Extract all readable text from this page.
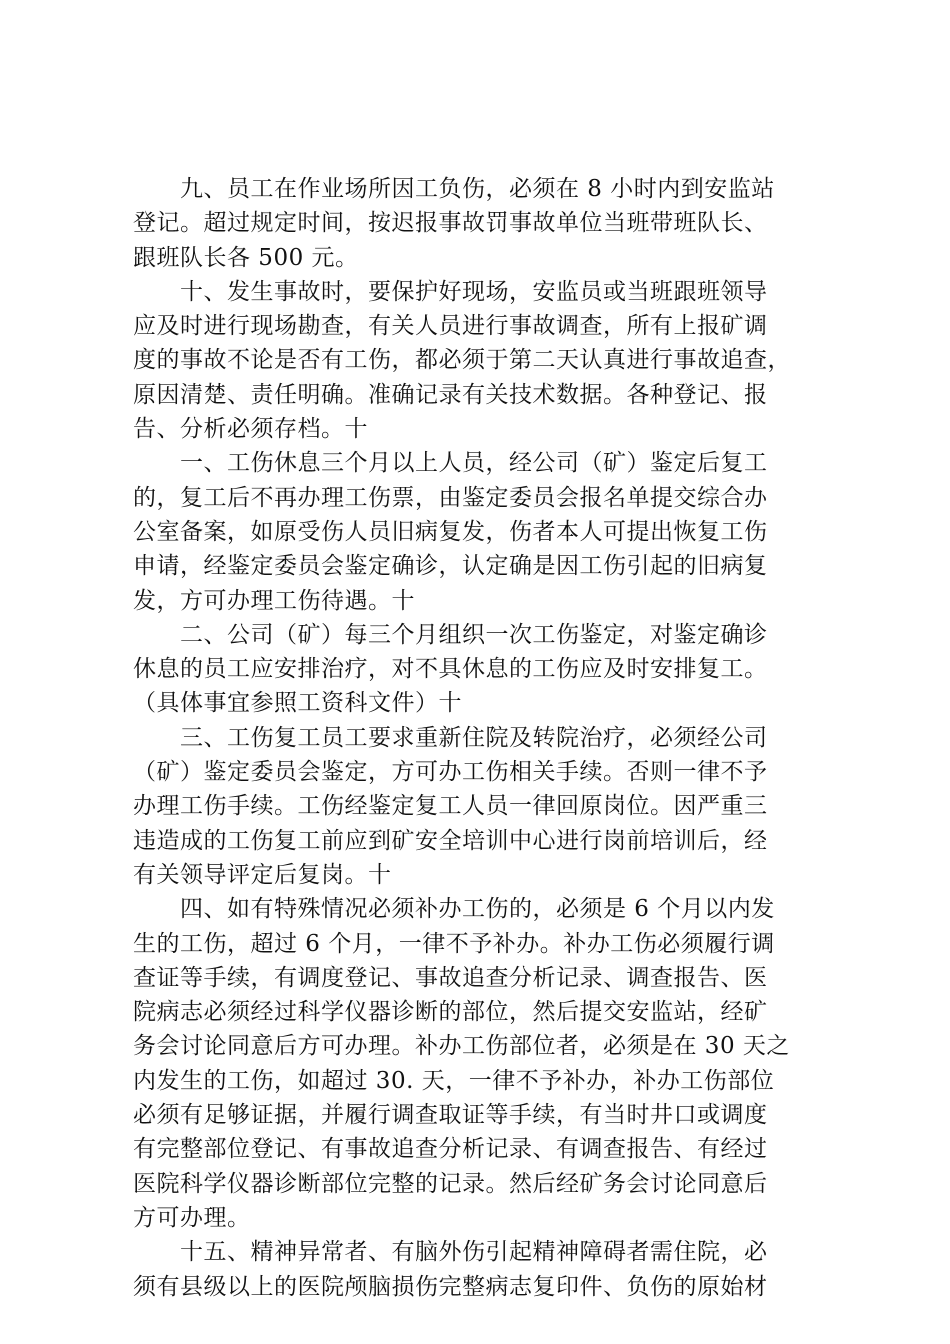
　　九、员工在作业场所因工负伤，必须在 8 小时内到安监站

登记。超过规定时间，按迟报事故罚事故单位当班带班队长、

跟班队长各 500 元。

　　十、发生事故时，要保护好现场，安监员或当班跟班领导

应及时进行现场勘查，有关人员进行事故调查，所有上报矿调

度的事故不论是否有工伤，都必须于第二天认真进行事故追查，

原因清楚、责任明确。准确记录有关技术数据。各种登记、报

告、分析必须存档。十

　　一、工伤休息三个月以上人员，经公司（矿）鉴定后复工

的，复工后不再办理工伤票，由鉴定委员会报名单提交综合办

公室备案，如原受伤人员旧病复发，伤者本人可提出恢复工伤

申请，经鉴定委员会鉴定确诊，认定确是因工伤引起的旧病复

发，方可办理工伤待遇。十

　　二、公司（矿）每三个月组织一次工伤鉴定，对鉴定确诊

休息的员工应安排治疗，对不具休息的工伤应及时安排复工。

（具体事宜参照工资科文件）十

　　三、工伤复工员工要求重新住院及转院治疗，必须经公司

（矿）鉴定委员会鉴定，方可办工伤相关手续。否则一律不予

办理工伤手续。工伤经鉴定复工人员一律回原岗位。因严重三

违造成的工伤复工前应到矿安全培训中心进行岗前培训后，经

有关领导评定后复岗。十

　　四、如有特殊情况必须补办工伤的，必须是 6 个月以内发

生的工伤，超过 6 个月，一律不予补办。补办工伤必须履行调

查证等手续，有调度登记、事故追查分析记录、调查报告、医

院病志必须经过科学仪器诊断的部位，然后提交安监站，经矿

务会讨论同意后方可办理。补办工伤部位者，必须是在 30 天之

内发生的工伤，如超过 30. 天，一律不予补办，补办工伤部位

必须有足够证据，并履行调查取证等手续，有当时井口或调度

有完整部位登记、有事故追查分析记录、有调查报告、有经过

医院科学仪器诊断部位完整的记录。然后经矿务会讨论同意后

方可办理。

　　十五、精神异常者、有脑外伤引起精神障碍者需住院，必

须有县级以上的医院颅脑损伤完整病志复印件、负伤的原始材
